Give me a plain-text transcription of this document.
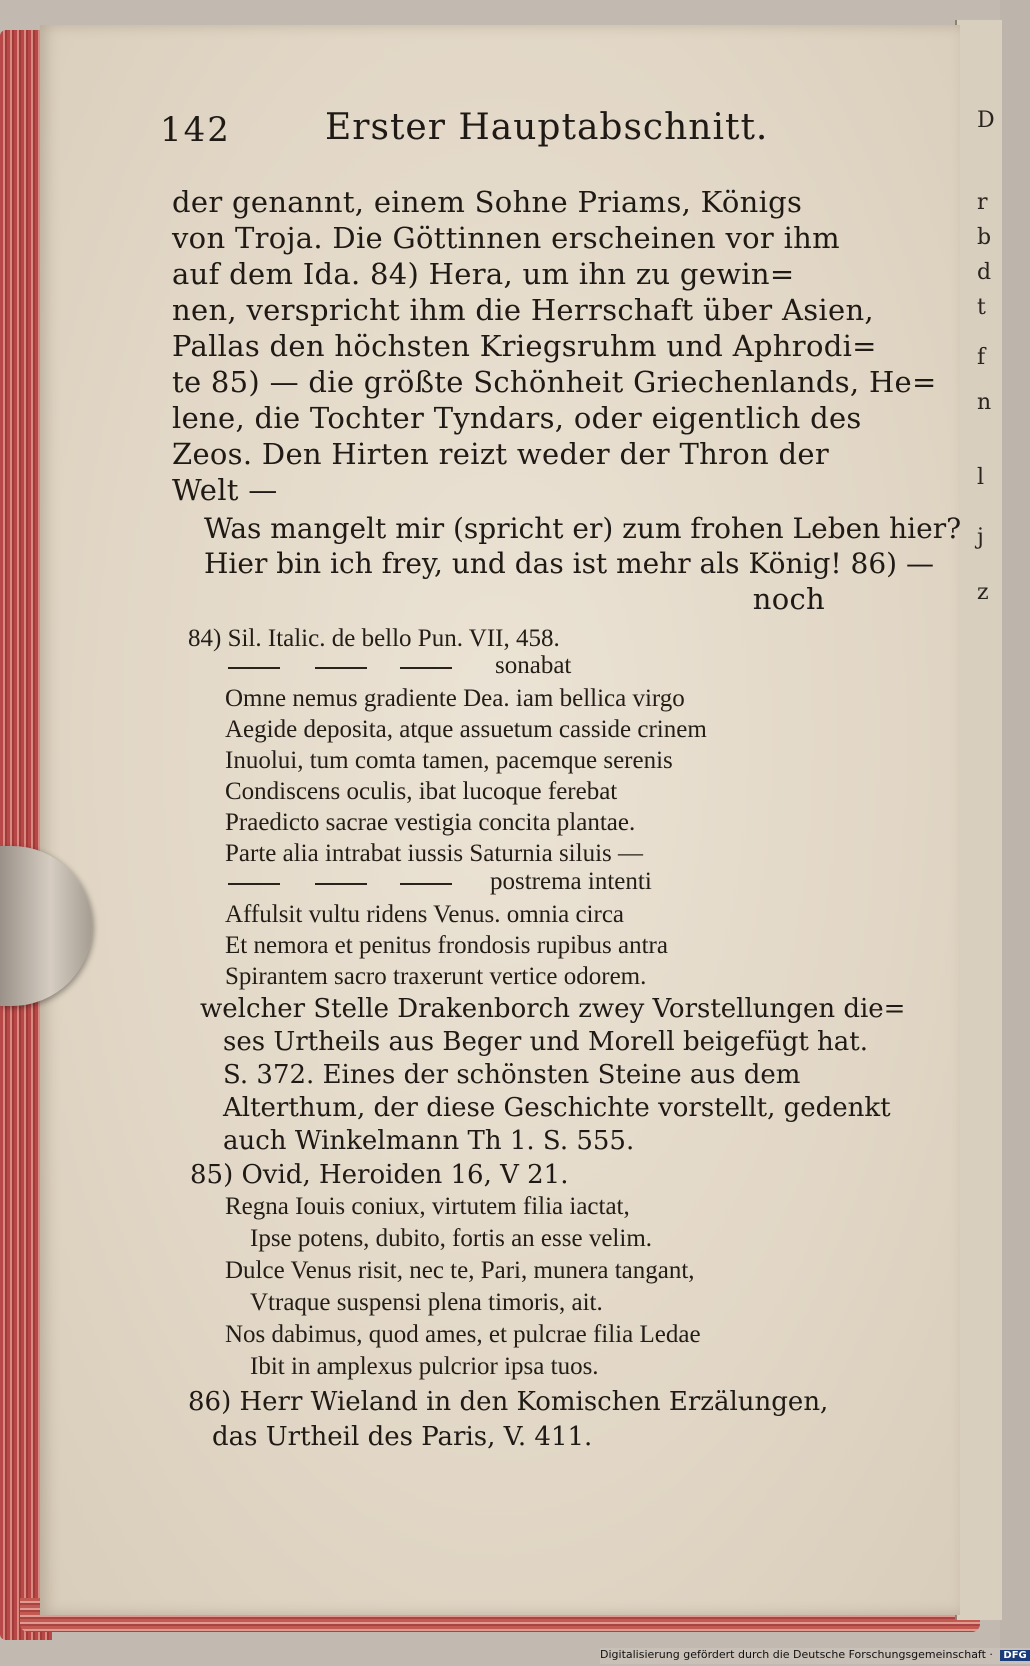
D
r
b
d
t
f
n
l
j
z
142	Erster Hauptabschnitt.
der genannt, einem Sohne Priams, Königs
von Troja. Die Göttinnen erscheinen vor ihm
auf dem Ida. 84) Hera, um ihn zu gewin=
nen, verspricht ihm die Herrschaft über Asien,
Pallas den höchsten Kriegsruhm und Aphrodi=
te 85) — die größte Schönheit Griechenlands, He=
lene, die Tochter Tyndars, oder eigentlich des
Zeos. Den Hirten reizt weder der Thron der
Welt —
Was mangelt mir (spricht er) zum frohen Leben hier?
Hier bin ich frey, und das ist mehr als König! 86) —
noch
84) Sil. Italic. de bello Pun. VII, 458.
sonabat
Omne nemus gradiente Dea. iam bellica virgo
Aegide deposita, atque assuetum casside crinem
Inuolui, tum comta tamen, pacemque serenis
Condiscens oculis, ibat lucoque ferebat
Praedicto sacrae vestigia concita plantae.
Parte alia intrabat iussis Saturnia siluis —
postrema intenti
Affulsit vultu ridens Venus. omnia circa
Et nemora et penitus frondosis rupibus antra
Spirantem sacro traxerunt vertice odorem.
welcher Stelle Drakenborch zwey Vorstellungen die=
ses Urtheils aus Beger und Morell beigefügt hat.
S. 372. Eines der schönsten Steine aus dem
Alterthum, der diese Geschichte vorstellt, gedenkt
auch Winkelmann Th 1. S. 555.
85) Ovid, Heroiden 16, V 21.
Regna Iouis coniux, virtutem filia iactat,
Ipse potens, dubito, fortis an esse velim.
Dulce Venus risit, nec te, Pari, munera tangant,
Vtraque suspensi plena timoris, ait.
Nos dabimus, quod ames, et pulcrae filia Ledae
Ibit in amplexus pulcrior ipsa tuos.
86) Herr Wieland in den Komischen Erzälungen,
das Urtheil des Paris, V. 411.
Digitalisierung gefördert durch die Deutsche Forschungsgemeinschaft · DFG
